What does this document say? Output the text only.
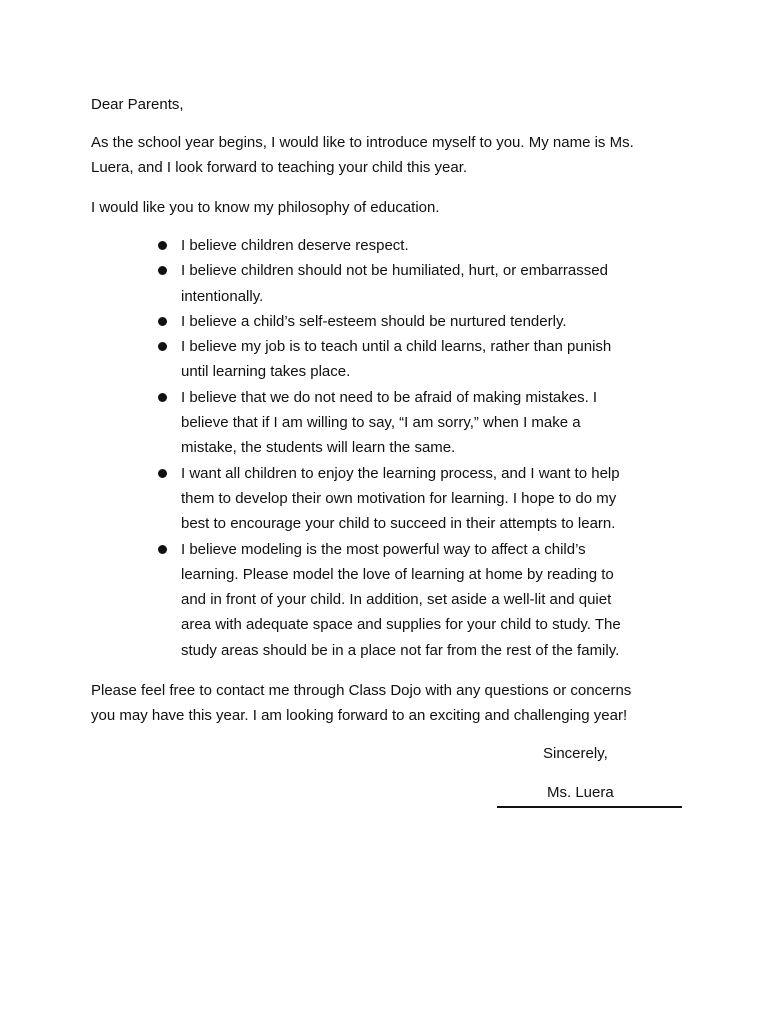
Dear Parents,
As the school year begins, I would like to introduce myself to you. My name is Ms.
Luera, and I look forward to teaching your child this year.
I would like you to know my philosophy of education.
I believe children deserve respect.
I believe children should not be humiliated, hurt, or embarrassed
intentionally.
I believe a child’s self-esteem should be nurtured tenderly.
I believe my job is to teach until a child learns, rather than punish
until learning takes place.
I believe that we do not need to be afraid of making mistakes. I
believe that if I am willing to say, “I am sorry,” when I make a
mistake, the students will learn the same.
I want all children to enjoy the learning process, and I want to help
them to develop their own motivation for learning. I hope to do my
best to encourage your child to succeed in their attempts to learn.
I believe modeling is the most powerful way to affect a child’s
learning. Please model the love of learning at home by reading to
and in front of your child. In addition, set aside a well-lit and quiet
area with adequate space and supplies for your child to study. The
study areas should be in a place not far from the rest of the family.
Please feel free to contact me through Class Dojo with any questions or concerns
you may have this year. I am looking forward to an exciting and challenging year!
Sincerely,
Ms. Luera
